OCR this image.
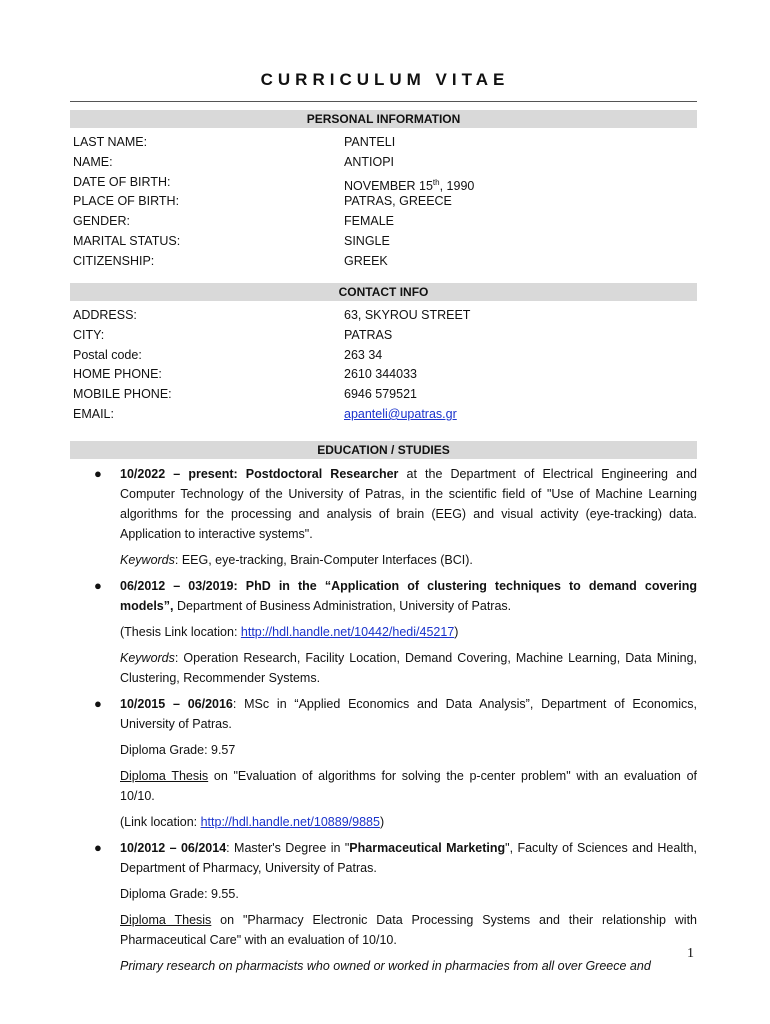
CURRICULUM VITAE
PERSONAL INFORMATION
LAST NAME:	PANTELI
NAME:	ANTIOPI
DATE OF BIRTH:	NOVEMBER 15th, 1990
PLACE OF BIRTH:	PATRAS, GREECE
GENDER:	FEMALE
MARITAL STATUS:	SINGLE
CITIZENSHIP:	GREEK
CONTACT INFO
ADDRESS:	63, SKYROU STREET
CITY:	PATRAS
Postal code:	263 34
HOME PHONE:	2610 344033
MOBILE PHONE:	6946 579521
EMAIL:	apanteli@upatras.gr
EDUCATION / STUDIES
● 10/2022 – present: Postdoctoral Researcher at the Department of Electrical Engineering and Computer Technology of the University of Patras, in the scientific field of "Use of Machine Learning algorithms for the processing and analysis of brain (EEG) and visual activity (eye-tracking) data. Application to interactive systems".

Keywords: EEG, eye-tracking, Brain-Computer Interfaces (BCI).

● 06/2012 – 03/2019: PhD in the “Application of clustering techniques to demand covering models”, Department of Business Administration, University of Patras.

(Thesis Link location: http://hdl.handle.net/10442/hedi/45217)

Keywords: Operation Research, Facility Location, Demand Covering, Machine Learning, Data Mining, Clustering, Recommender Systems.

● 10/2015 – 06/2016: MSc in “Applied Economics and Data Analysis”, Department of Economics, University of Patras.

Diploma Grade: 9.57

Diploma Thesis on "Evaluation of algorithms for solving the p-center problem" with an evaluation of 10/10.

(Link location: http://hdl.handle.net/10889/9885)

● 10/2012 – 06/2014: Master's Degree in "Pharmaceutical Marketing", Faculty of Sciences and Health, Department of Pharmacy, University of Patras.

Diploma Grade: 9.55.

Diploma Thesis on "Pharmacy Electronic Data Processing Systems and their relationship with Pharmaceutical Care" with an evaluation of 10/10.

Primary research on pharmacists who owned or worked in pharmacies from all over Greece and

1
